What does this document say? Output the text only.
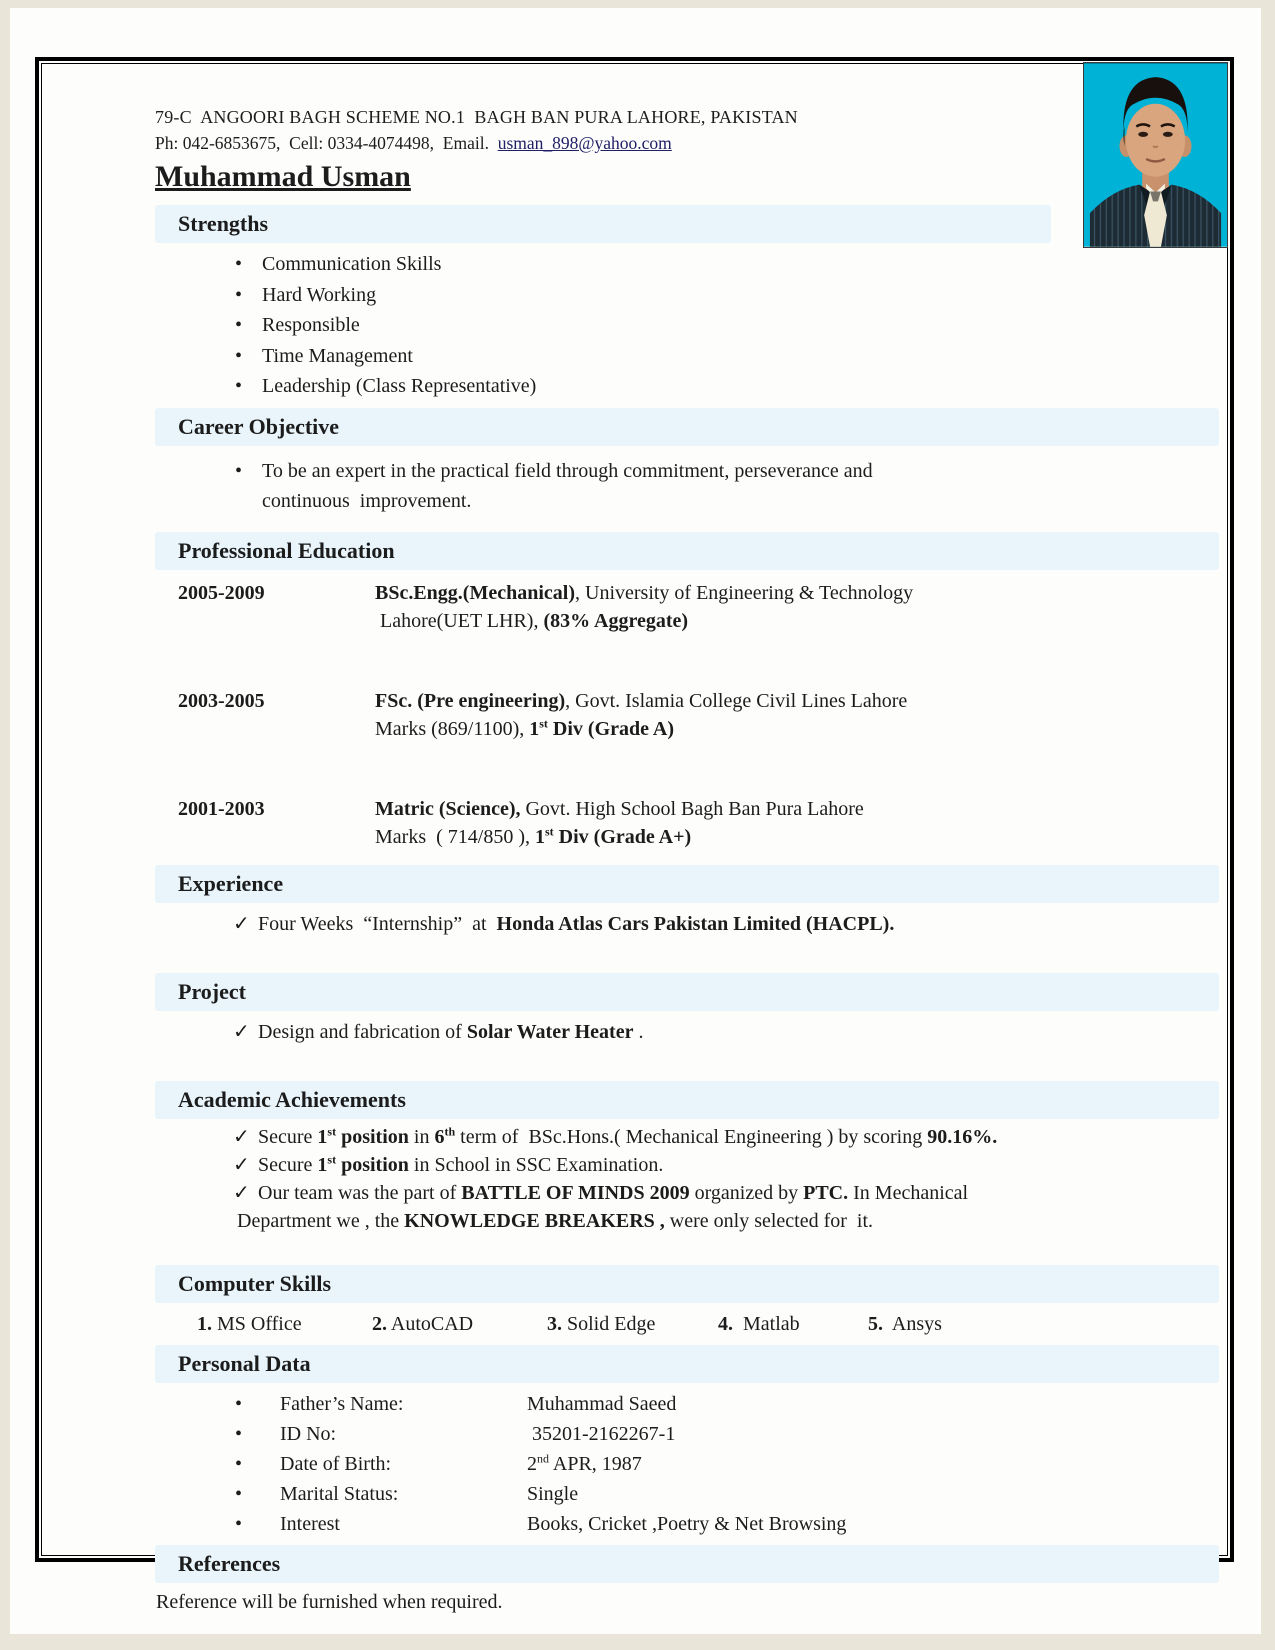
79-C  ANGOORI BAGH SCHEME NO.1  BAGH BAN PURA LAHORE, PAKISTAN
Ph: 042-6853675,  Cell: 0334-4074498,  Email.  usman_898@yahoo.com
Muhammad Usman
Strengths
• Communication Skills
• Hard Working
• Responsible
• Time Management
• Leadership (Class Representative)
Career Objective
• To be an expert in the practical field through commitment, perseverance and
continuous  improvement.
Professional Education
2005-2009	BSc.Engg.(Mechanical), University of Engineering & Technology
Lahore(UET LHR), (83% Aggregate)
2003-2005	FSc. (Pre engineering), Govt. Islamia College Civil Lines Lahore
Marks (869/1100), 1st Div (Grade A)
2001-2003	Matric (Science), Govt. High School Bagh Ban Pura Lahore
Marks  ( 714/850 ), 1st Div (Grade A+)
Experience
✓ Four Weeks  “Internship”  at  Honda Atlas Cars Pakistan Limited (HACPL).
Project
✓ Design and fabrication of Solar Water Heater .
Academic Achievements
✓ Secure 1st position in 6th term of  BSc.Hons.( Mechanical Engineering ) by scoring 90.16%.
✓ Secure 1st position in School in SSC Examination.
✓ Our team was the part of BATTLE OF MINDS 2009 organized by PTC. In Mechanical
Department we , the KNOWLEDGE BREAKERS , were only selected for  it.
Computer Skills
1. MS Office	2. AutoCAD	3. Solid Edge	4.  Matlab	5.  Ansys
Personal Data
•	Father’s Name:	Muhammad Saeed
•	ID No:	35201-2162267-1
•	Date of Birth:	2nd APR, 1987
•	Marital Status:	Single
•	Interest	Books, Cricket ,Poetry & Net Browsing
References
Reference will be furnished when required.
